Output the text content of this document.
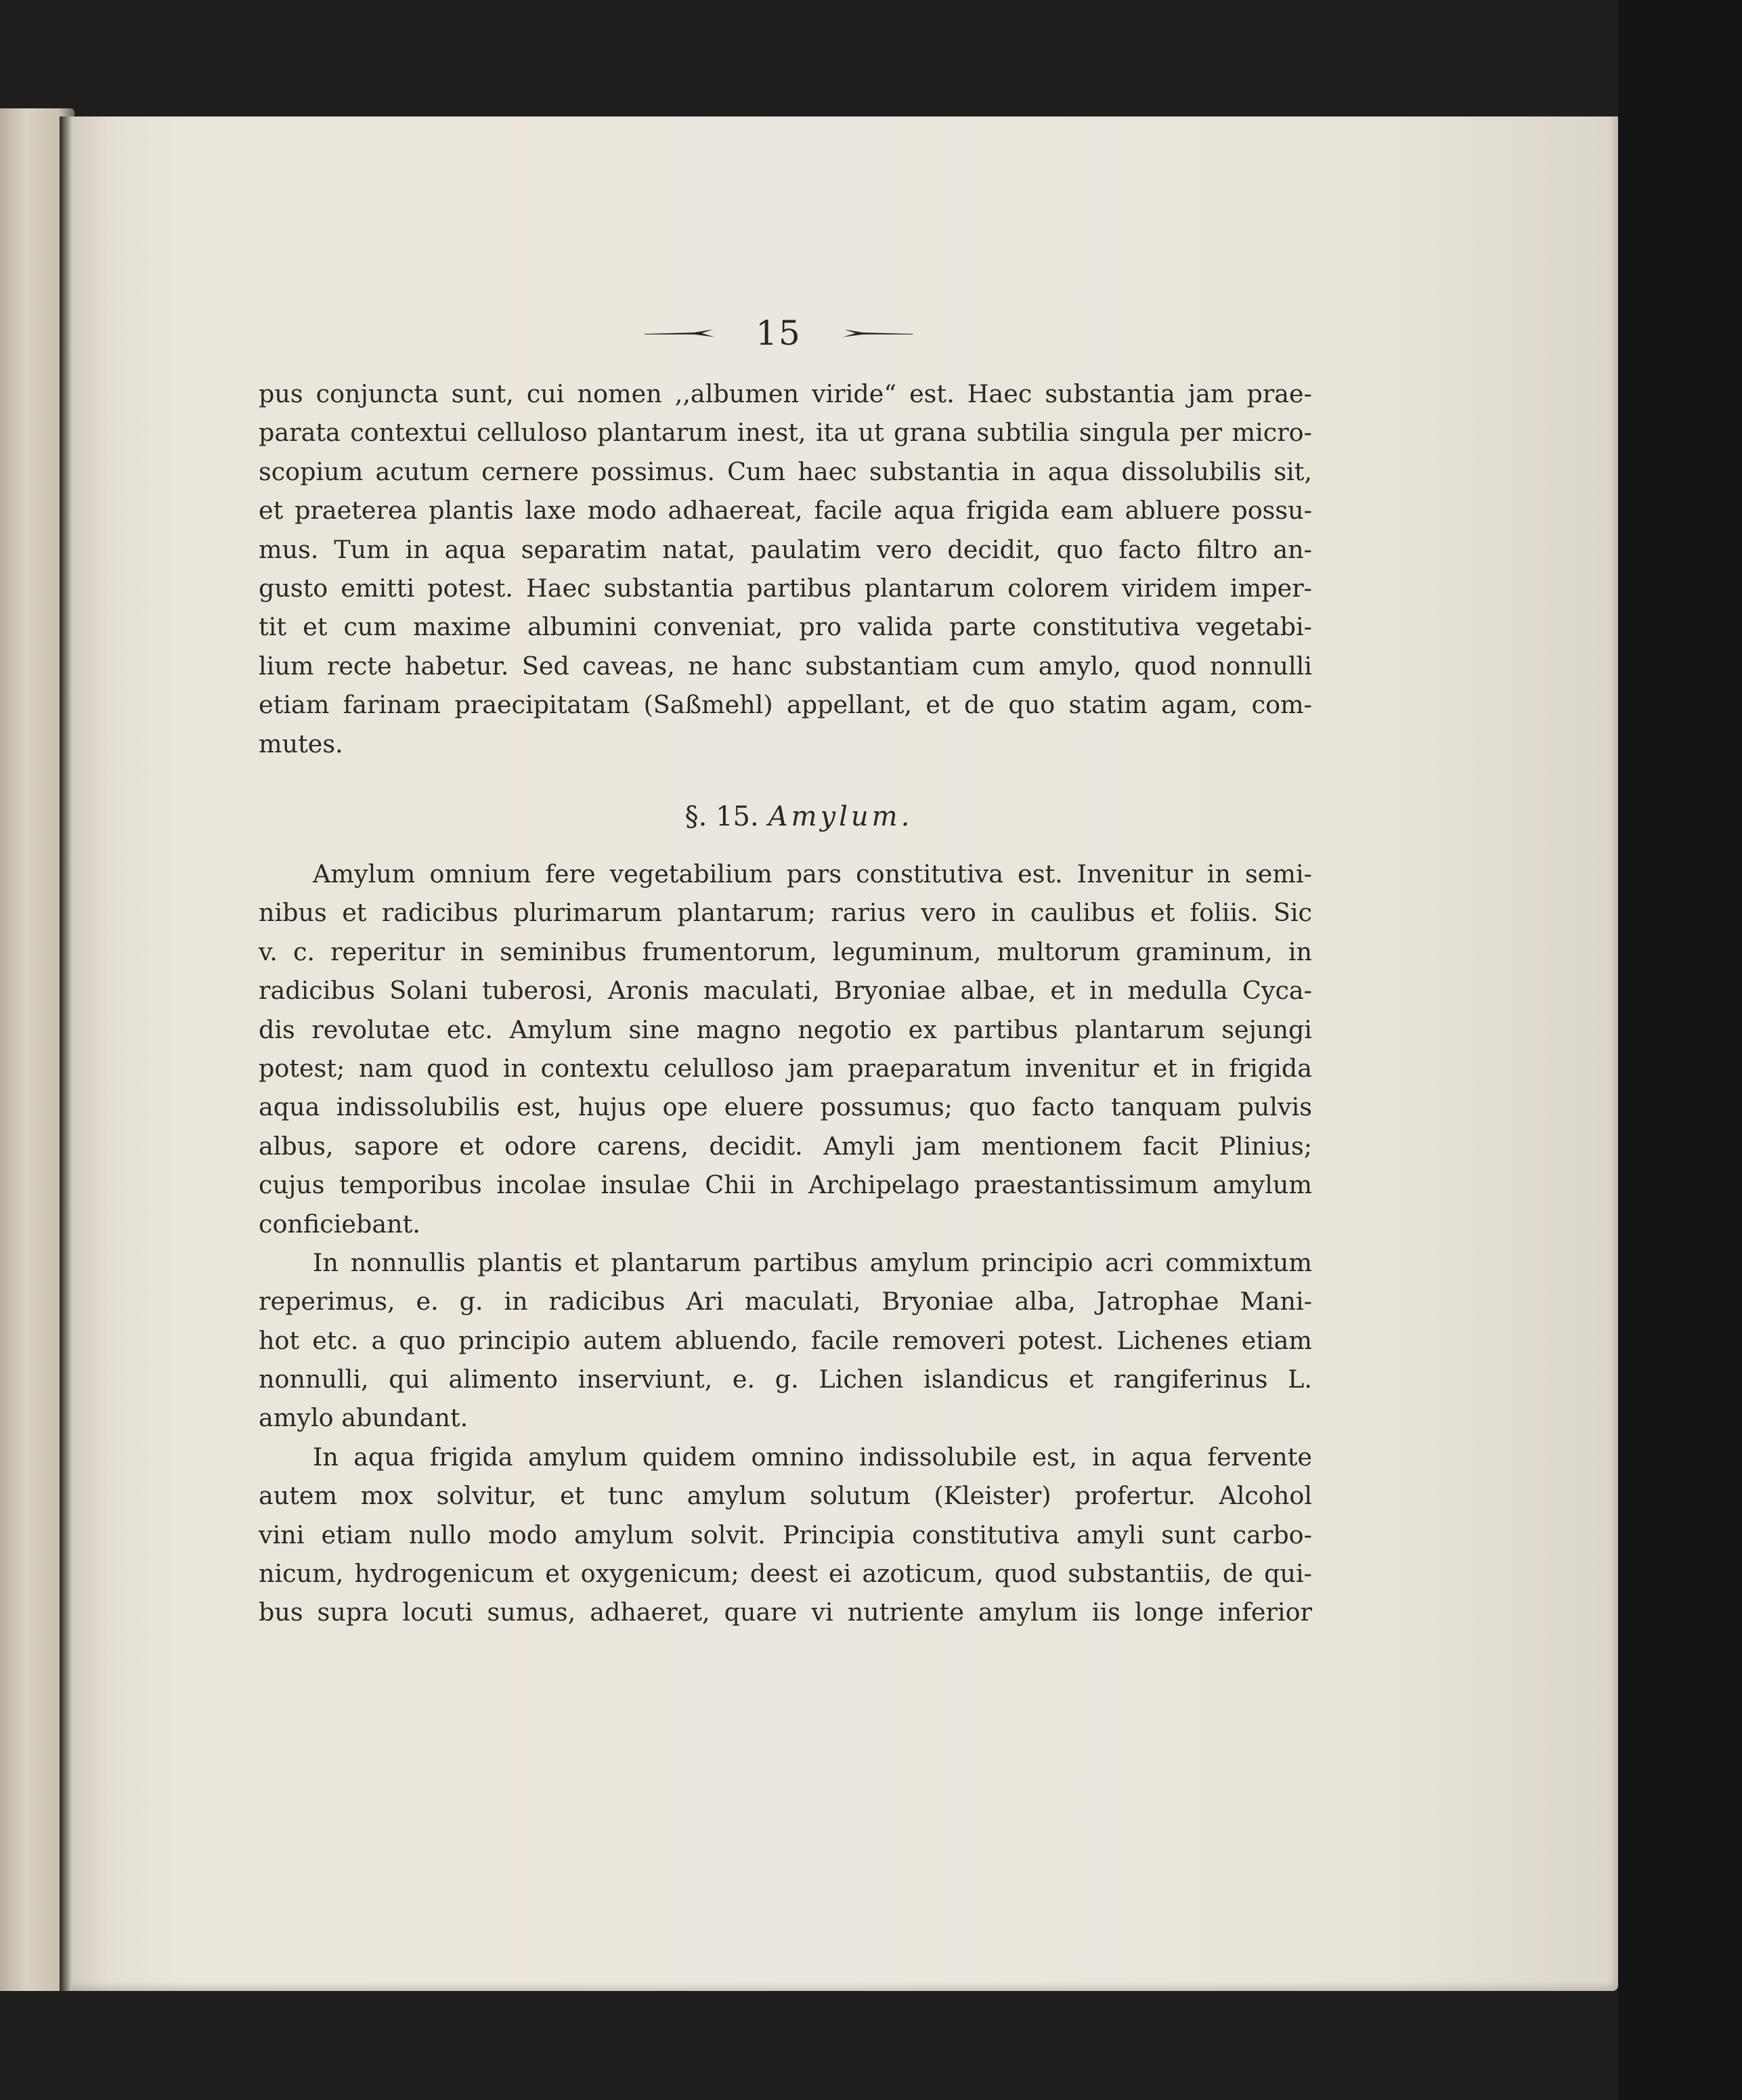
15
pus conjuncta sunt, cui nomen ,,albumen viride“ est. Haec substantia jam prae-
parata contextui celluloso plantarum inest, ita ut grana subtilia singula per micro-
scopium acutum cernere possimus. Cum haec substantia in aqua dissolubilis sit,
et praeterea plantis laxe modo adhaereat, facile aqua frigida eam abluere possu-
mus. Tum in aqua separatim natat, paulatim vero decidit, quo facto filtro an-
gusto emitti potest. Haec substantia partibus plantarum colorem viridem imper-
tit et cum maxime albumini conveniat, pro valida parte constitutiva vegetabi-
lium recte habetur. Sed caveas, ne hanc substantiam cum amylo, quod nonnulli
etiam farinam praecipitatam (Saßmehl) appellant, et de quo statim agam, com-
mutes.
§. 15. Amylum.
Amylum omnium fere vegetabilium pars constitutiva est. Invenitur in semi-
nibus et radicibus plurimarum plantarum; rarius vero in caulibus et foliis. Sic
v. c. reperitur in seminibus frumentorum, leguminum, multorum graminum, in
radicibus Solani tuberosi, Aronis maculati, Bryoniae albae, et in medulla Cyca-
dis revolutae etc. Amylum sine magno negotio ex partibus plantarum sejungi
potest; nam quod in contextu celulloso jam praeparatum invenitur et in frigida
aqua indissolubilis est, hujus ope eluere possumus; quo facto tanquam pulvis
albus, sapore et odore carens, decidit. Amyli jam mentionem facit Plinius;
cujus temporibus incolae insulae Chii in Archipelago praestantissimum amylum
conficiebant.
In nonnullis plantis et plantarum partibus amylum principio acri commixtum
reperimus, e. g. in radicibus Ari maculati, Bryoniae alba, Jatrophae Mani-
hot etc. a quo principio autem abluendo, facile removeri potest. Lichenes etiam
nonnulli, qui alimento inserviunt, e. g. Lichen islandicus et rangiferinus L.
amylo abundant.
In aqua frigida amylum quidem omnino indissolubile est, in aqua fervente
autem mox solvitur, et tunc amylum solutum (Kleister) profertur. Alcohol
vini etiam nullo modo amylum solvit. Principia constitutiva amyli sunt carbo-
nicum, hydrogenicum et oxygenicum; deest ei azoticum, quod substantiis, de qui-
bus supra locuti sumus, adhaeret, quare vi nutriente amylum iis longe inferior
